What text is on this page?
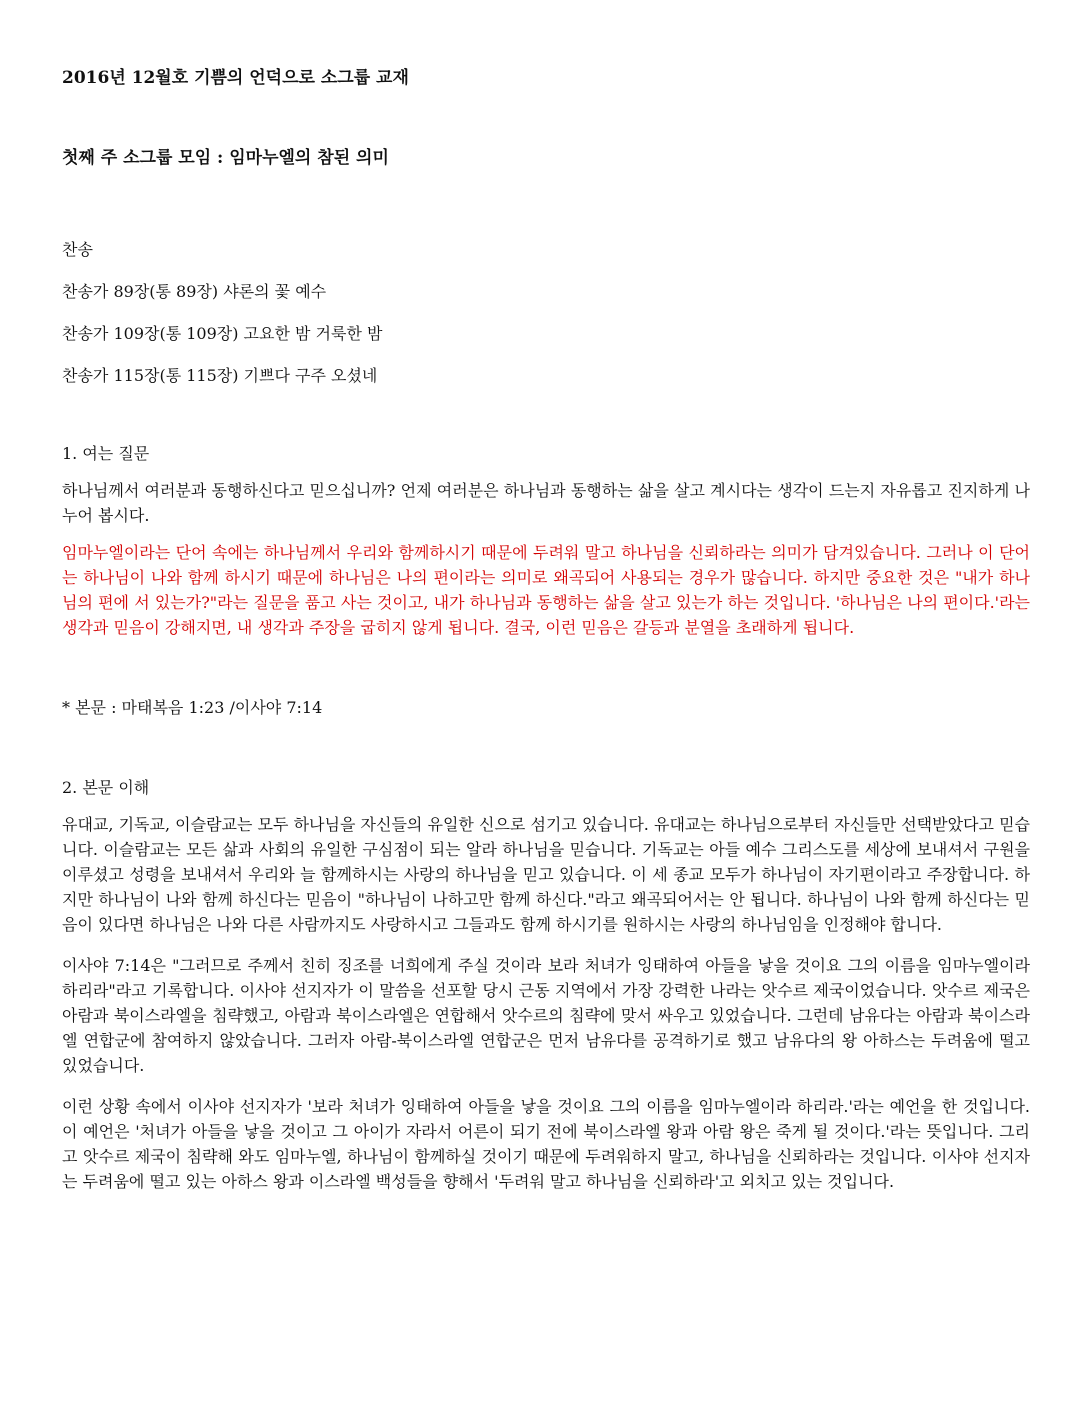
2016년 12월호 기쁨의 언덕으로 소그룹 교재

첫째 주 소그룹 모임 : 임마누엘의 참된 의미

찬송

찬송가 89장(통 89장) 샤론의 꽃 예수

찬송가 109장(통 109장) 고요한 밤 거룩한 밤

찬송가 115장(통 115장) 기쁘다 구주 오셨네

1. 여는 질문

하나님께서 여러분과 동행하신다고 믿으십니까? 언제 여러분은 하나님과 동행하는 삶을 살고 계시다는 생각이 드는지 자유롭고 진지하게 나누어 봅시다.

임마누엘이라는 단어 속에는 하나님께서 우리와 함께하시기 때문에 두려워 말고 하나님을 신뢰하라는 의미가 담겨있습니다. 그러나 이 단어는 하나님이 나와 함께 하시기 때문에 하나님은 나의 편이라는 의미로 왜곡되어 사용되는 경우가 많습니다. 하지만 중요한 것은 "내가 하나님의 편에 서 있는가?"라는 질문을 품고 사는 것이고, 내가 하나님과 동행하는 삶을 살고 있는가 하는 것입니다. '하나님은 나의 편이다.'라는 생각과 믿음이 강해지면, 내 생각과 주장을 굽히지 않게 됩니다. 결국, 이런 믿음은 갈등과 분열을 초래하게 됩니다.

* 본문 : 마태복음 1:23 /이사야 7:14

2. 본문 이해

유대교, 기독교, 이슬람교는 모두 하나님을 자신들의 유일한 신으로 섬기고 있습니다. 유대교는 하나님으로부터 자신들만 선택받았다고 믿습니다. 이슬람교는 모든 삶과 사회의 유일한 구심점이 되는 알라 하나님을 믿습니다. 기독교는 아들 예수 그리스도를 세상에 보내셔서 구원을 이루셨고 성령을 보내셔서 우리와 늘 함께하시는 사랑의 하나님을 믿고 있습니다. 이 세 종교 모두가 하나님이 자기편이라고 주장합니다. 하지만 하나님이 나와 함께 하신다는 믿음이 "하나님이 나하고만 함께 하신다."라고 왜곡되어서는 안 됩니다. 하나님이 나와 함께 하신다는 믿음이 있다면 하나님은 나와 다른 사람까지도 사랑하시고 그들과도 함께 하시기를 원하시는 사랑의 하나님임을 인정해야 합니다.

이사야 7:14은 "그러므로 주께서 친히 징조를 너희에게 주실 것이라 보라 처녀가 잉태하여 아들을 낳을 것이요 그의 이름을 임마누엘이라 하리라"라고 기록합니다. 이사야 선지자가 이 말씀을 선포할 당시 근동 지역에서 가장 강력한 나라는 앗수르 제국이었습니다. 앗수르 제국은 아람과 북이스라엘을 침략했고, 아람과 북이스라엘은 연합해서 앗수르의 침략에 맞서 싸우고 있었습니다. 그런데 남유다는 아람과 북이스라엘 연합군에 참여하지 않았습니다. 그러자 아람-북이스라엘 연합군은 먼저 남유다를 공격하기로 했고 남유다의 왕 아하스는 두려움에 떨고 있었습니다.

이런 상황 속에서 이사야 선지자가 '보라 처녀가 잉태하여 아들을 낳을 것이요 그의 이름을 임마누엘이라 하리라.'라는 예언을 한 것입니다. 이 예언은 '처녀가 아들을 낳을 것이고 그 아이가 자라서 어른이 되기 전에 북이스라엘 왕과 아람 왕은 죽게 될 것이다.'라는 뜻입니다. 그리고 앗수르 제국이 침략해 와도 임마누엘, 하나님이 함께하실 것이기 때문에 두려워하지 말고, 하나님을 신뢰하라는 것입니다. 이사야 선지자는 두려움에 떨고 있는 아하스 왕과 이스라엘 백성들을 향해서 '두려워 말고 하나님을 신뢰하라'고 외치고 있는 것입니다.
